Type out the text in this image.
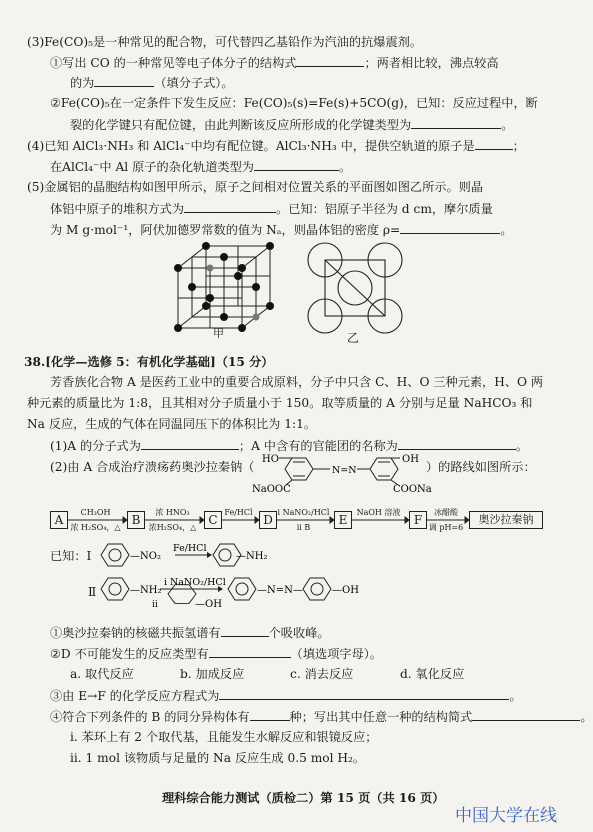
(3)Fe(CO)₅是一种常见的配合物，可代替四乙基铅作为汽油的抗爆震剂。
①写出 CO 的一种常见等电子体分子的结构式	；两者相比较，沸点较高
的为	（填分子式）。
②Fe(CO)₅在一定条件下发生反应：Fe(CO)₅(s)=Fe(s)+5CO(g)，已知：反应过程中，断
裂的化学键只有配位键，由此判断该反应所形成的化学键类型为	。
(4)已知 AlCl₃·NH₃ 和 AlCl₄⁻中均有配位键。AlCl₃·NH₃ 中，提供空轨道的原子是	；
在AlCl₄⁻中 Al 原子的杂化轨道类型为	。
(5)金属铝的晶胞结构如图甲所示，原子之间相对位置关系的平面图如图乙所示。则晶
体铝中原子的堆积方式为	。已知：铝原子半径为 d cm，摩尔质量
为 M g·mol⁻¹，阿伏加德罗常数的值为 Nₐ，则晶体铝的密度 ρ=	。
甲	乙
38.[化学—选修 5：有机化学基础]（15 分）
芳香族化合物 A 是医药工业中的重要合成原料，分子中只含 C、H、O 三种元素，H、O 两
种元素的质量比为 1:8，且其相对分子质量小于 150。取等质量的 A 分别与足量 NaHCO₃ 和
Na 反应，生成的气体在同温同压下的体积比为 1:1。
(1)A 的分子式为	；A 中含有的官能团的名称为	。
(2)由 A 合成治疗溃疡药奥沙拉秦钠（	）的路线如图所示：
HO
N=N
OH
NaOOC	COONa
A	B	C	D	E	F	奥沙拉秦钠
CH₃OH
浓 H₂SO₄，△
浓 HNO₃
浓H₂SO₄，△
Fe/HCl	i NaNO₂/HCl
ii B
NaOH 溶液	冰醋酸
调 pH=6
已知：Ⅰ	—NO₂
Fe/HCl
—NH₂
Ⅱ	—NH₂
i NaNO₂/HCl
ii	—OH
—N=N—	—OH
①奥沙拉秦钠的核磁共振氢谱有	个吸收峰。
②D 不可能发生的反应类型有	（填选项字母）。
a. 取代反应	b. 加成反应	c. 消去反应	d. 氧化反应
③由 E→F 的化学反应方程式为	。
④符合下列条件的 B 的同分异构体有	种；写出其中任意一种的结构简式	。
i. 苯环上有 2 个取代基，且能发生水解反应和银镜反应；
ii. 1 mol 该物质与足量的 Na 反应生成 0.5 mol H₂。
理科综合能力测试（质检二）第 15 页（共 16 页）
中国大学在线
